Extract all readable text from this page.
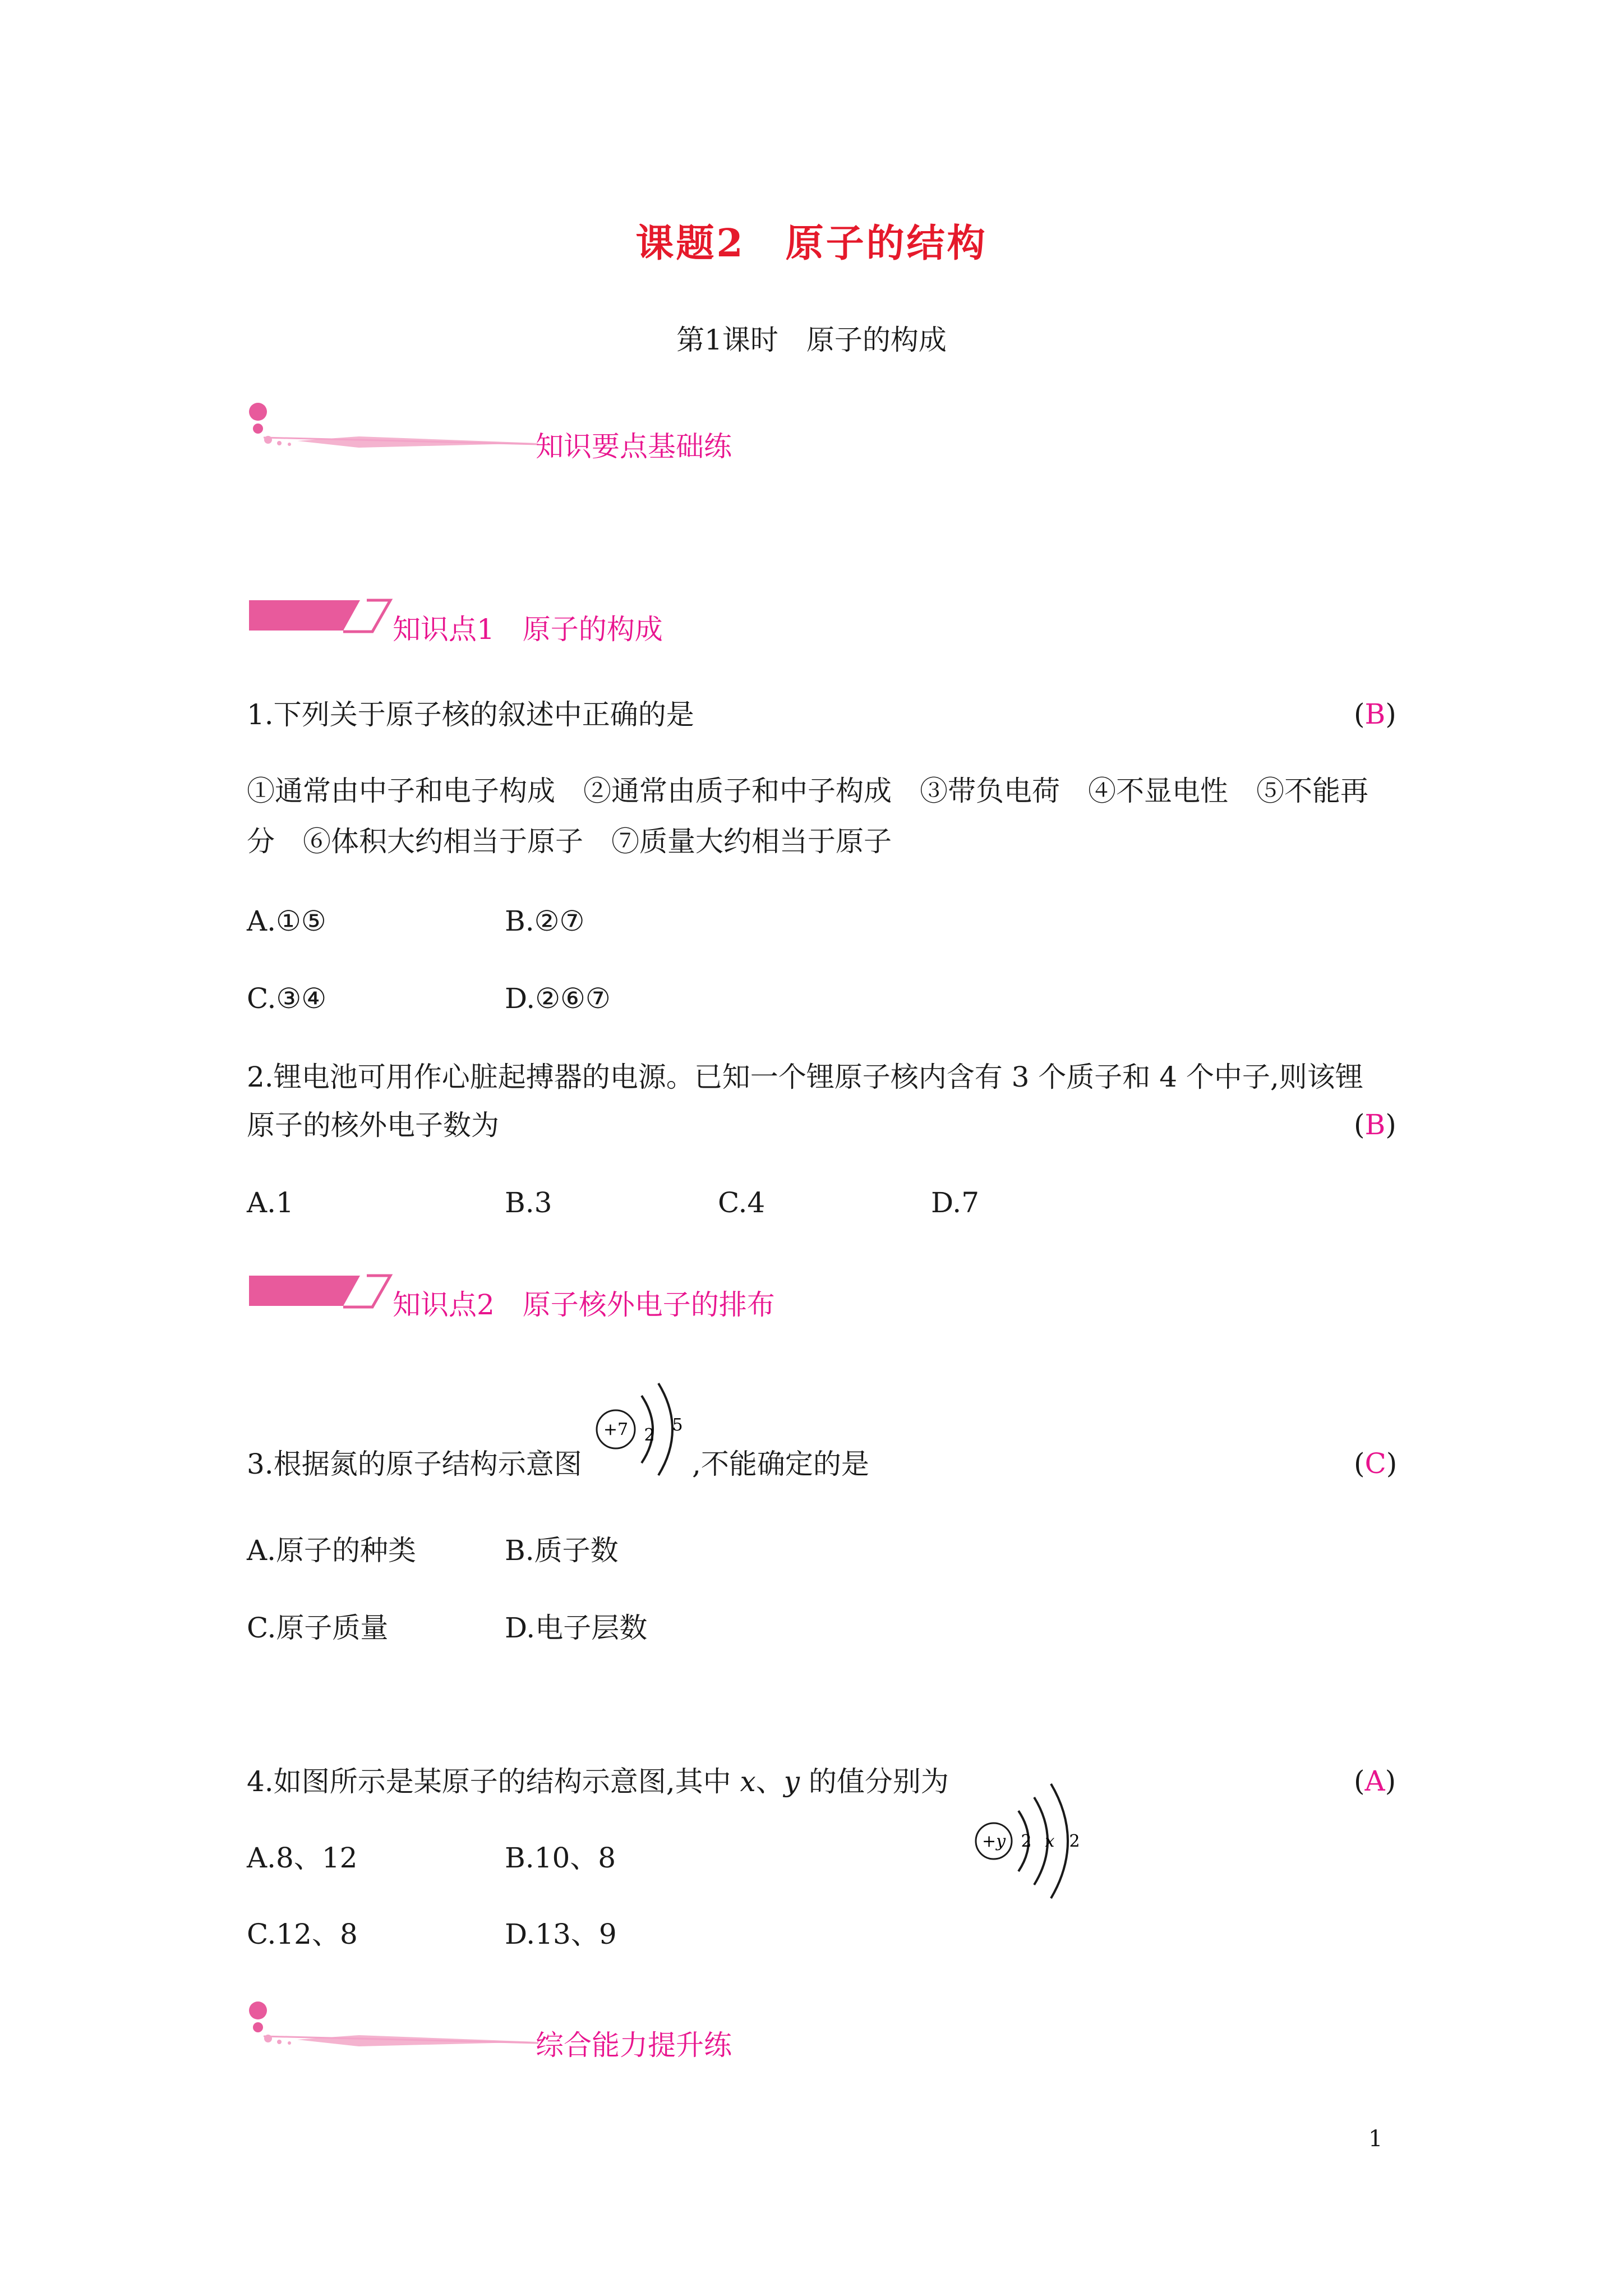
课题2　原子的结构
第1课时　原子的构成
知识要点基础练
知识点1　原子的构成
1.下列关于原子核的叙述中正确的是	(B)
①通常由中子和电子构成　②通常由质子和中子构成　③带负电荷　④不显电性　⑤不能再
分　⑥体积大约相当于原子　⑦质量大约相当于原子
A.①⑤	B.②⑦
C.③④	D.②⑥⑦
2.锂电池可用作心脏起搏器的电源。已知一个锂原子核内含有 3 个质子和 4 个中子,则该锂
原子的核外电子数为	(B)
A.1	B.3	C.4	D.7
知识点2　原子核外电子的排布
3.根据氮的原子结构示意图
+7 2
5
,不能确定的是	(C)
A.原子的种类	B.质子数
C.原子质量	D.电子层数
4.如图所示是某原子的结构示意图,其中 x、y 的值分别为	(A)
+y 2 x 2
A.8、12	B.10、8
C.12、8	D.13、9
综合能力提升练
1
